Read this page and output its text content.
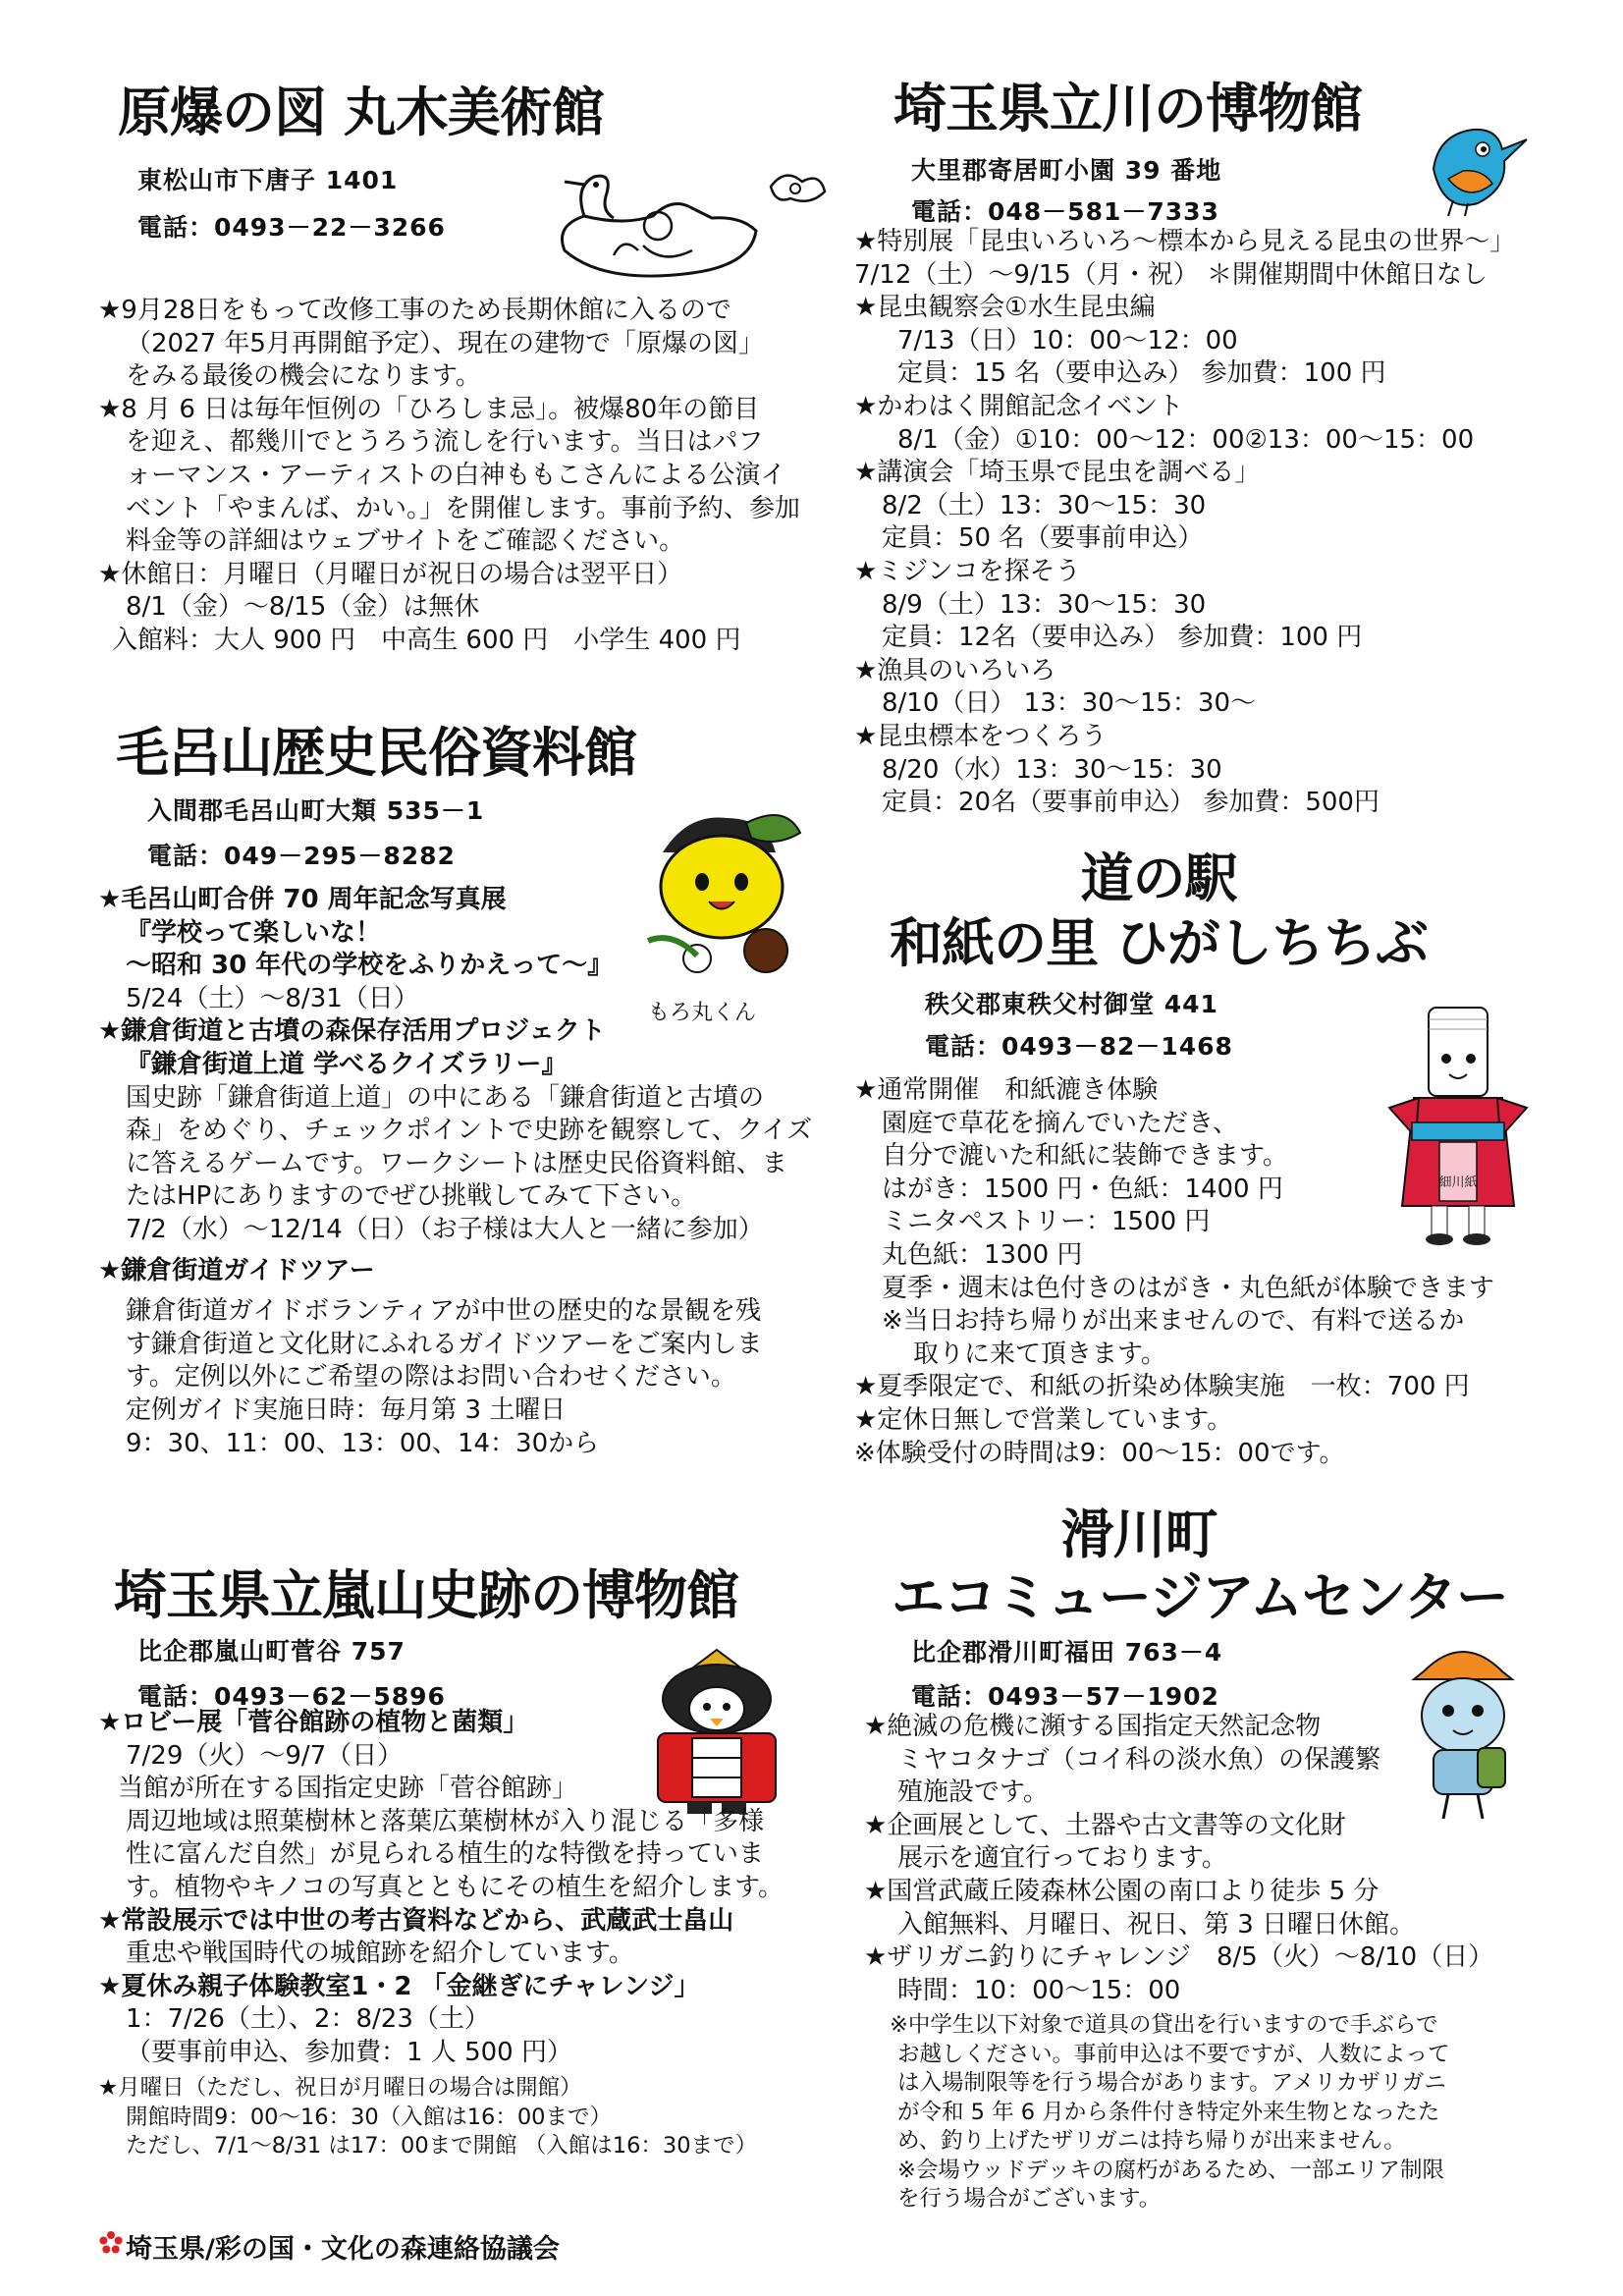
原爆の図 丸木美術館
東松山市下唐子 1401
電話：0493－22－3266
★9月28日をもって改修工事のため長期休館に入るので
（2027 年5月再開館予定）、現在の建物で「原爆の図」
をみる最後の機会になります。
★8 月 6 日は毎年恒例の「ひろしま忌」。被爆80年の節目
を迎え、都幾川でとうろう流しを行います。当日はパフ
ォーマンス・アーティストの白神ももこさんによる公演イ
ベント「やまんば、かい。」を開催します。事前予約、参加
料金等の詳細はウェブサイトをご確認ください。
★休館日：月曜日（月曜日が祝日の場合は翌平日）
8/1（金）～8/15（金）は無休
入館料：大人 900 円　中高生 600 円　小学生 400 円
毛呂山歴史民俗資料館
入間郡毛呂山町大類 535－1
電話：049－295－8282
もろ丸くん
★毛呂山町合併 70 周年記念写真展
『学校って楽しいな！
～昭和 30 年代の学校をふりかえって～』
5/24（土）～8/31（日）
★鎌倉街道と古墳の森保存活用プロジェクト
『鎌倉街道上道 学べるクイズラリー』
国史跡「鎌倉街道上道」の中にある「鎌倉街道と古墳の
森」をめぐり、チェックポイントで史跡を観察して、クイズ
に答えるゲームです。ワークシートは歴史民俗資料館、ま
たはHPにありますのでぜひ挑戦してみて下さい。
7/2（水）～12/14（日）（お子様は大人と一緒に参加）
★鎌倉街道ガイドツアー
鎌倉街道ガイドボランティアが中世の歴史的な景観を残
す鎌倉街道と文化財にふれるガイドツアーをご案内しま
す。定例以外にご希望の際はお問い合わせください。
定例ガイド実施日時：毎月第 3 土曜日
9：30、11：00、13：00、14：30から
埼玉県立嵐山史跡の博物館
比企郡嵐山町菅谷 757
電話：0493－62－5896
★ロビー展「菅谷館跡の植物と菌類」
7/29（火）～9/7（日）
当館が所在する国指定史跡「菅谷館跡」
周辺地域は照葉樹林と落葉広葉樹林が入り混じる「多様
性に富んだ自然」が見られる植生的な特徴を持っていま
す。植物やキノコの写真とともにその植生を紹介します。
★常設展示では中世の考古資料などから、武蔵武士畠山
重忠や戦国時代の城館跡を紹介しています。
★夏休み親子体験教室1・2 「金継ぎにチャレンジ」
1：7/26（土）、2：8/23（土）
（要事前申込、参加費：1 人 500 円）
★月曜日（ただし、祝日が月曜日の場合は開館）
開館時間9：00～16：30（入館は16：00まで）
ただし、7/1～8/31 は17：00まで開館 （入館は16：30まで）
埼玉県立川の博物館
大里郡寄居町小園 39 番地
電話：048－581－7333
★特別展「昆虫いろいろ～標本から見える昆虫の世界～」
7/12（土）～9/15（月・祝） ＊開催期間中休館日なし
★昆虫観察会①水生昆虫編
7/13（日）10：00～12：00
定員：15 名（要申込み） 参加費：100 円
★かわはく開館記念イベント
8/1（金）①10：00～12：00②13：00～15：00
★講演会「埼玉県で昆虫を調べる」
8/2（土）13：30～15：30
定員：50 名（要事前申込）
★ミジンコを探そう
8/9（土）13：30～15：30
定員：12名（要申込み） 参加費：100 円
★漁具のいろいろ
8/10（日） 13：30～15：30～
★昆虫標本をつくろう
8/20（水）13：30～15：30
定員：20名（要事前申込） 参加費：500円
道の駅
和紙の里 ひがしちちぶ
秩父郡東秩父村御堂 441
電話：0493－82－1468
細川紙
★通常開催　和紙漉き体験
園庭で草花を摘んでいただき、
自分で漉いた和紙に装飾できます。
はがき：1500 円・色紙：1400 円
ミニタペストリー：1500 円
丸色紙：1300 円
夏季・週末は色付きのはがき・丸色紙が体験できます
※当日お持ち帰りが出来ませんので、有料で送るか
取りに来て頂きます。
★夏季限定で、和紙の折染め体験実施　一枚：700 円
★定休日無しで営業しています。
※体験受付の時間は9：00～15：00です。
滑川町
エコミュージアムセンター
比企郡滑川町福田 763－4
電話：0493－57－1902
★絶滅の危機に瀕する国指定天然記念物
ミヤコタナゴ（コイ科の淡水魚）の保護繁
殖施設です。
★企画展として、土器や古文書等の文化財
展示を適宜行っております。
★国営武蔵丘陵森林公園の南口より徒歩 5 分
入館無料、月曜日、祝日、第 3 日曜日休館。
★ザリガニ釣りにチャレンジ　8/5（火）～8/10（日）
時間：10：00～15：00
※中学生以下対象で道具の貸出を行いますので手ぶらで
お越しください。事前申込は不要ですが、人数によって
は入場制限等を行う場合があります。アメリカザリガニ
が令和 5 年 6 月から条件付き特定外来生物となったた
め、釣り上げたザリガニは持ち帰りが出来ません。
※会場ウッドデッキの腐朽があるため、一部エリア制限
を行う場合がございます。
埼玉県/彩の国・文化の森連絡協議会
